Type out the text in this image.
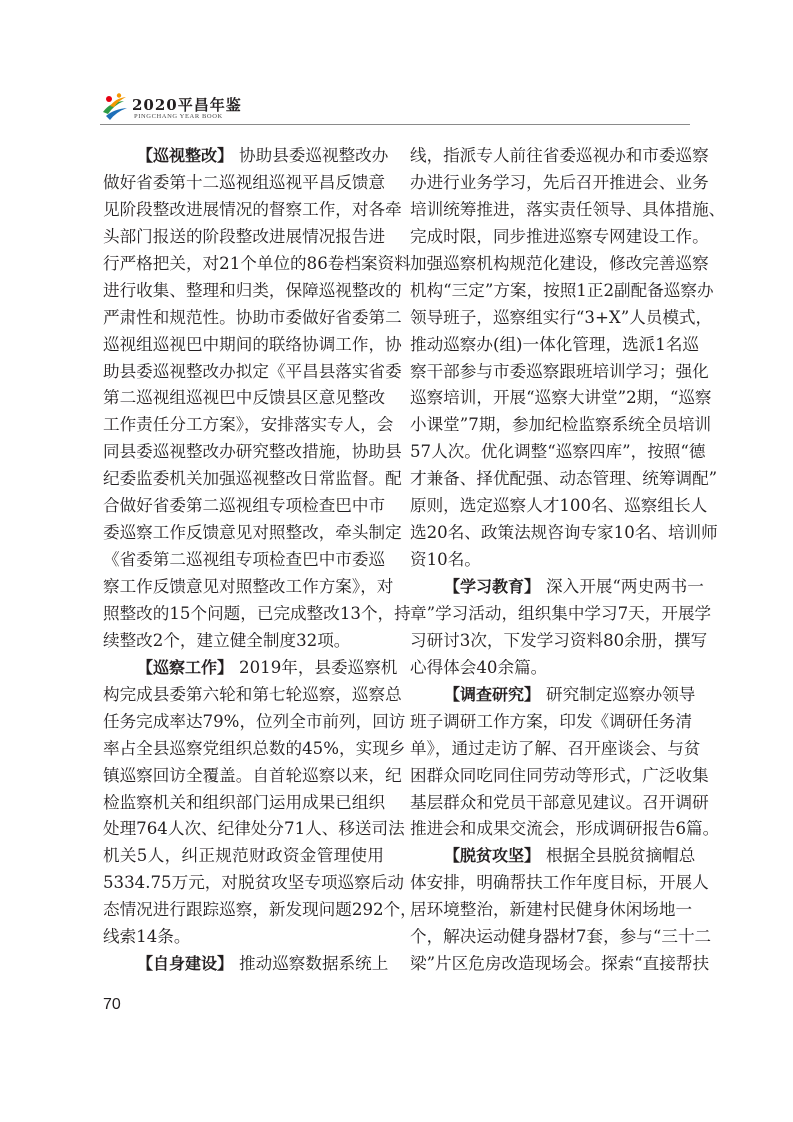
2020平昌年鉴
PINGCHANG YEAR BOOK
【巡视整改】 协助县委巡视整改办
做好省委第十二巡视组巡视平昌反馈意
见阶段整改进展情况的督察工作，对各牵
头部门报送的阶段整改进展情况报告进
行严格把关，对21个单位的86卷档案资料
进行收集、整理和归类，保障巡视整改的
严肃性和规范性。协助市委做好省委第二
巡视组巡视巴中期间的联络协调工作，协
助县委巡视整改办拟定《平昌县落实省委
第二巡视组巡视巴中反馈县区意见整改
工作责任分工方案》，安排落实专人，会
同县委巡视整改办研究整改措施，协助县
纪委监委机关加强巡视整改日常监督。配
合做好省委第二巡视组专项检查巴中市
委巡察工作反馈意见对照整改，牵头制定
《省委第二巡视组专项检查巴中市委巡
察工作反馈意见对照整改工作方案》，对
照整改的15个问题，已完成整改13个，持
续整改2个，建立健全制度32项。
【巡察工作】 2019年，县委巡察机
构完成县委第六轮和第七轮巡察，巡察总
任务完成率达79%，位列全市前列，回访
率占全县巡察党组织总数的45%，实现乡
镇巡察回访全覆盖。自首轮巡察以来，纪
检监察机关和组织部门运用成果已组织
处理764人次、纪律处分71人、移送司法
机关5人，纠正规范财政资金管理使用
5334.75万元，对脱贫攻坚专项巡察后动
态情况进行跟踪巡察，新发现问题292个，
线索14条。
【自身建设】 推动巡察数据系统上
线，指派专人前往省委巡视办和市委巡察
办进行业务学习，先后召开推进会、业务
培训统筹推进，落实责任领导、具体措施、
完成时限，同步推进巡察专网建设工作。
加强巡察机构规范化建设，修改完善巡察
机构“三定”方案，按照1正2副配备巡察办
领导班子，巡察组实行“3+X”人员模式，
推动巡察办(组)一体化管理，选派1名巡
察干部参与市委巡察跟班培训学习；强化
巡察培训，开展“巡察大讲堂”2期，“巡察
小课堂”7期，参加纪检监察系统全员培训
57人次。优化调整“巡察四库”，按照“德
才兼备、择优配强、动态管理、统筹调配”
原则，选定巡察人才100名、巡察组长人
选20名、政策法规咨询专家10名、培训师
资10名。
【学习教育】 深入开展“两史两书一
章”学习活动，组织集中学习7天，开展学
习研讨3次，下发学习资料80余册，撰写
心得体会40余篇。
【调查研究】 研究制定巡察办领导
班子调研工作方案，印发《调研任务清
单》，通过走访了解、召开座谈会、与贫
困群众同吃同住同劳动等形式，广泛收集
基层群众和党员干部意见建议。召开调研
推进会和成果交流会，形成调研报告6篇。
【脱贫攻坚】 根据全县脱贫摘帽总
体安排，明确帮扶工作年度目标，开展人
居环境整治，新建村民健身休闲场地一
个，解决运动健身器材7套，参与“三十二
梁”片区危房改造现场会。探索“直接帮扶
70
